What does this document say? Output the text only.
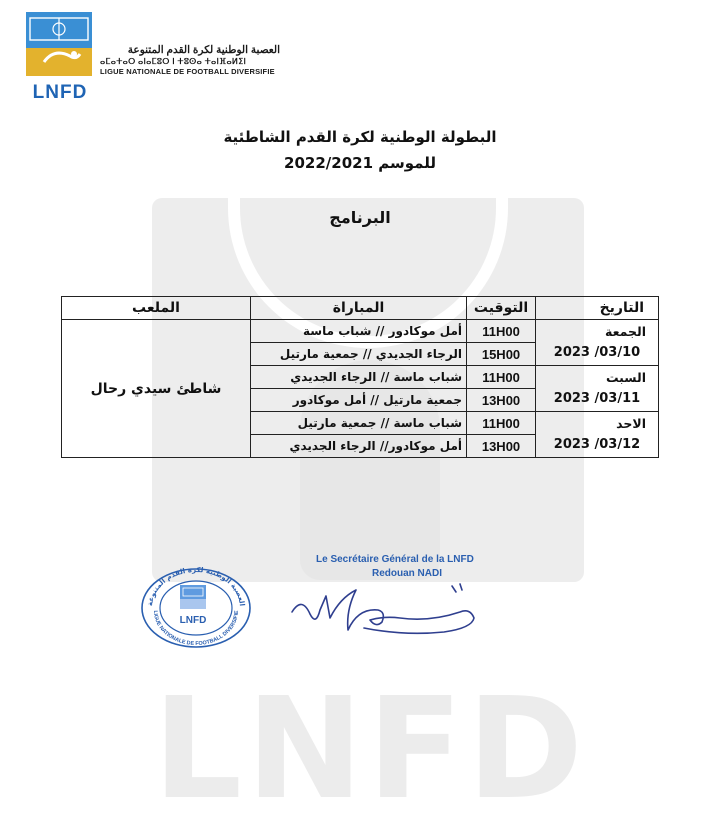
LNFD
LNFD
العصبة الوطنية لكرة القدم المتنوعة
ⴰⵎⴰⵜⴰⵔ ⴰⵏⴰⵎⵓⵔ ⵏ ⵜⵓⵙⴰ ⵜⴰⵏⴼⴰⵍⵉⵏ
LIGUE NATIONALE DE FOOTBALL DIVERSIFIE
البطولة الوطنية لكرة القدم الشاطئية
للموسم 2022/2021
البرنامج
التاريخ	التوقيت	المباراة	الملعب

الجمعة
2023 /03/10	11H00	أمل موكادور // شباب ماسة	شاطئ سيدي رحال
	15H00	الرجاء الجديدي // جمعية مارتيل	

السبت
2023 /03/11	11H00	شباب ماسة // الرجاء الجديدي	
	13H00	جمعية مارتيل // أمل موكادور	

الاحد
2023 /03/12	11H00	شباب ماسة // جمعية مارتيل	
	13H00	أمل موكادور// الرجاء الجديدي	
Le Secrétaire Général de la LNFD
Redouan NADI
العصبة الوطنية لكرة القدم المتنوعة
LIGUE NATIONALE DE FOOTBALL DIVERSIFIE
LNFD
